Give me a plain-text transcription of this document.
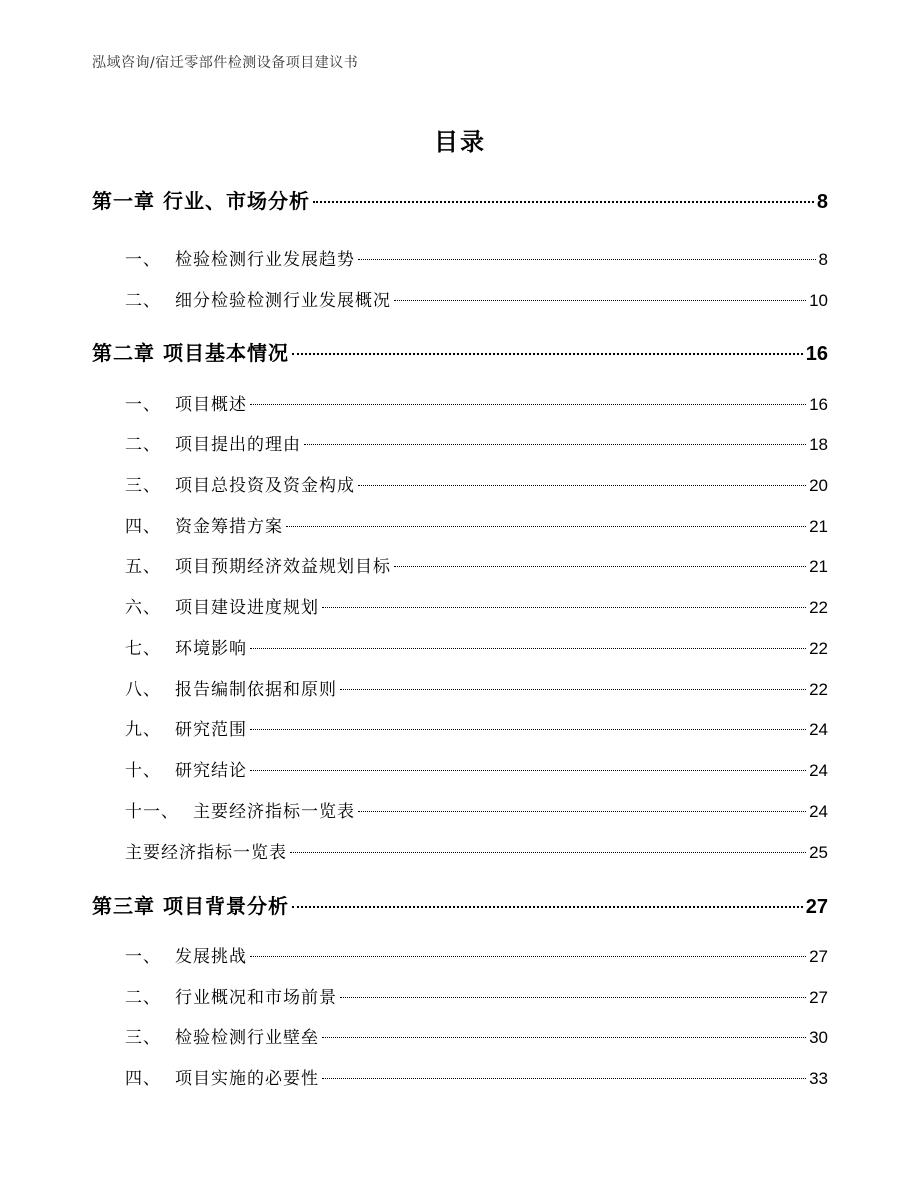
泓域咨询/宿迁零部件检测设备项目建议书
目录
第一章 行业、市场分析	8
一、 检验检测行业发展趋势	8
二、 细分检验检测行业发展概况	10
第二章 项目基本情况	16
一、 项目概述	16
二、 项目提出的理由	18
三、 项目总投资及资金构成	20
四、 资金筹措方案	21
五、 项目预期经济效益规划目标	21
六、 项目建设进度规划	22
七、 环境影响	22
八、 报告编制依据和原则	22
九、 研究范围	24
十、 研究结论	24
十一、 主要经济指标一览表	24
主要经济指标一览表	25
第三章 项目背景分析	27
一、 发展挑战	27
二、 行业概况和市场前景	27
三、 检验检测行业壁垒	30
四、 项目实施的必要性	33
